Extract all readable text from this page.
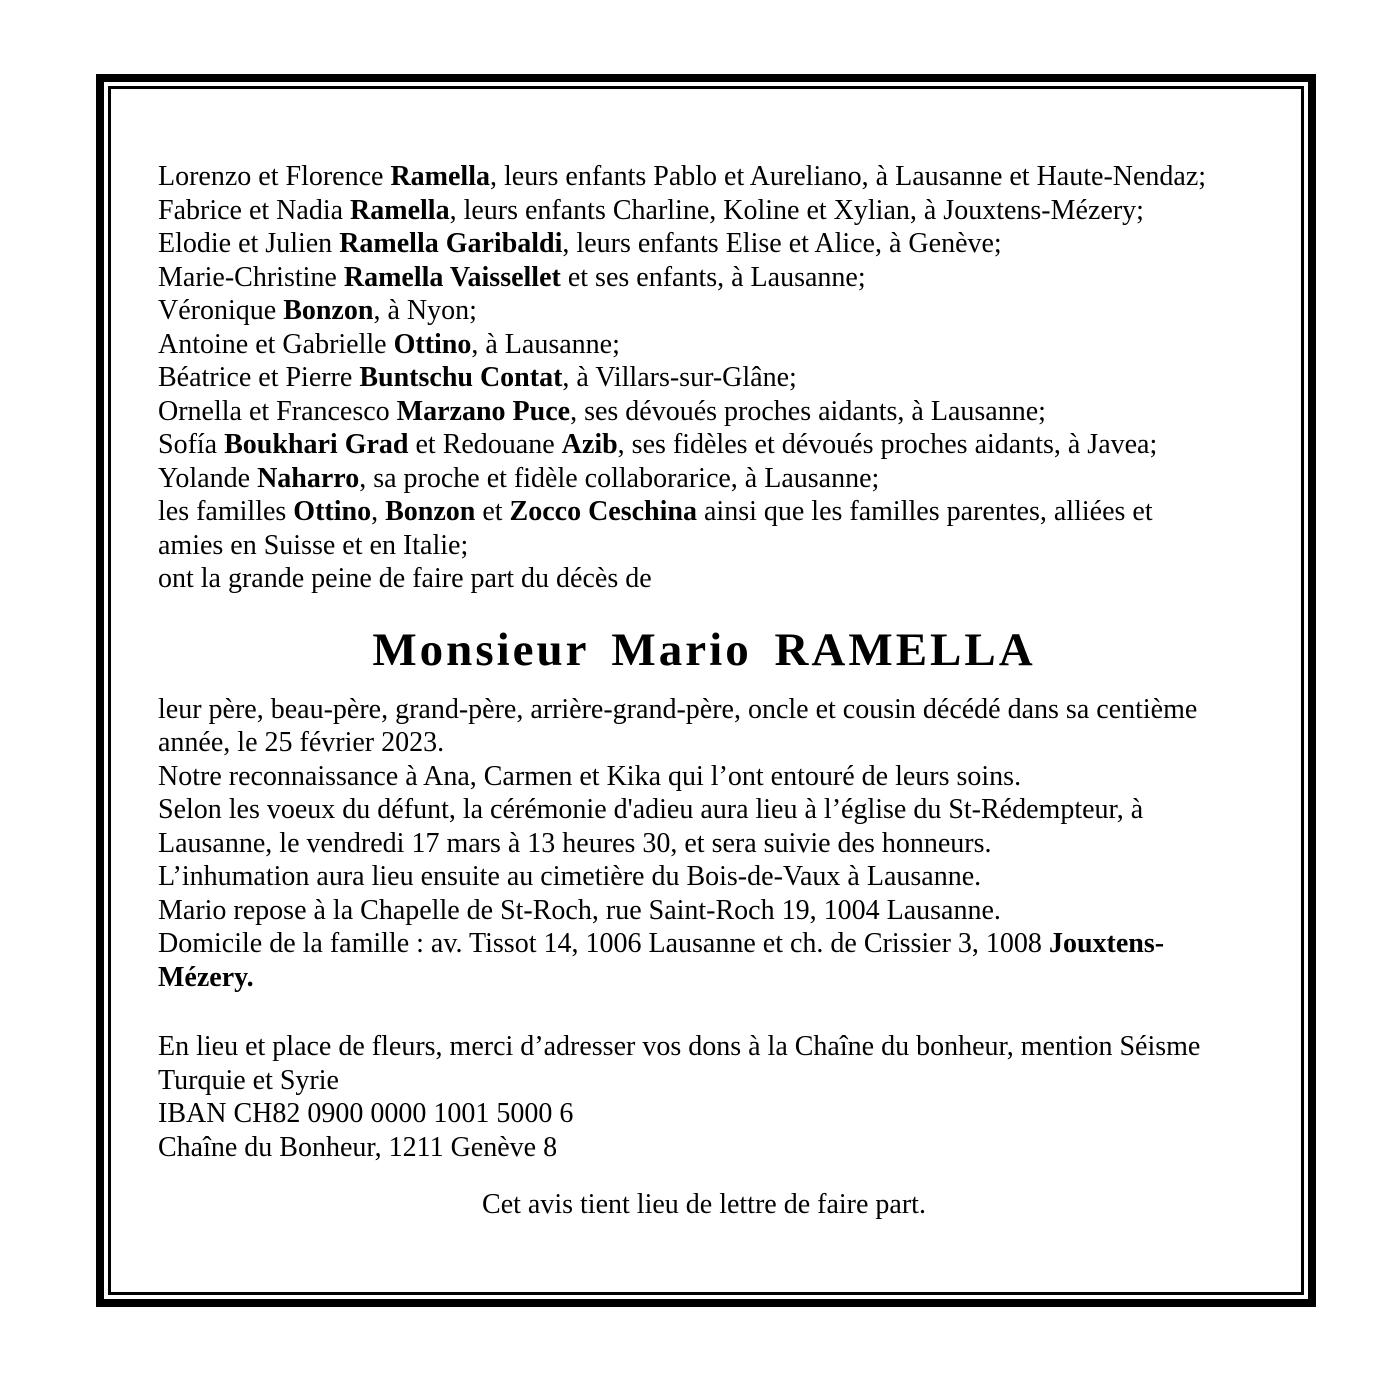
Lorenzo et Florence Ramella, leurs enfants Pablo et Aureliano, à Lausanne et Haute-Nendaz;
Fabrice et Nadia Ramella, leurs enfants Charline, Koline et Xylian, à Jouxtens-Mézery;
Elodie et Julien Ramella Garibaldi, leurs enfants Elise et Alice, à Genève;
Marie-Christine Ramella Vaissellet et ses enfants, à Lausanne;
Véronique Bonzon, à Nyon;
Antoine et Gabrielle Ottino, à Lausanne;
Béatrice et Pierre Buntschu Contat, à Villars-sur-Glâne;
Ornella et Francesco Marzano Puce, ses dévoués proches aidants, à Lausanne;
Sofía Boukhari Grad et Redouane Azib, ses fidèles et dévoués proches aidants, à Javea;
Yolande Naharro, sa proche et fidèle collaborarice, à Lausanne;
les familles Ottino, Bonzon et Zocco Ceschina ainsi que les familles parentes, alliées et
amies en Suisse et en Italie;
ont la grande peine de faire part du décès de
Monsieur Mario RAMELLA
leur père, beau-père, grand-père, arrière-grand-père, oncle et cousin décédé dans sa centième
année, le 25 février 2023.
Notre reconnaissance à Ana, Carmen et Kika qui l’ont entouré de leurs soins.
Selon les voeux du défunt, la cérémonie d'adieu aura lieu à l’église du St-Rédempteur, à
Lausanne, le vendredi 17 mars à 13 heures 30, et sera suivie des honneurs.
L’inhumation aura lieu ensuite au cimetière du Bois-de-Vaux à Lausanne.
Mario repose à la Chapelle de St-Roch, rue Saint-Roch 19, 1004 Lausanne.
Domicile de la famille : av. Tissot 14, 1006 Lausanne et ch. de Crissier 3, 1008 Jouxtens-
Mézery.
En lieu et place de fleurs, merci d’adresser vos dons à la Chaîne du bonheur, mention Séisme
Turquie et Syrie
IBAN CH82 0900 0000 1001 5000 6
Chaîne du Bonheur, 1211 Genève 8

Cet avis tient lieu de lettre de faire part.
